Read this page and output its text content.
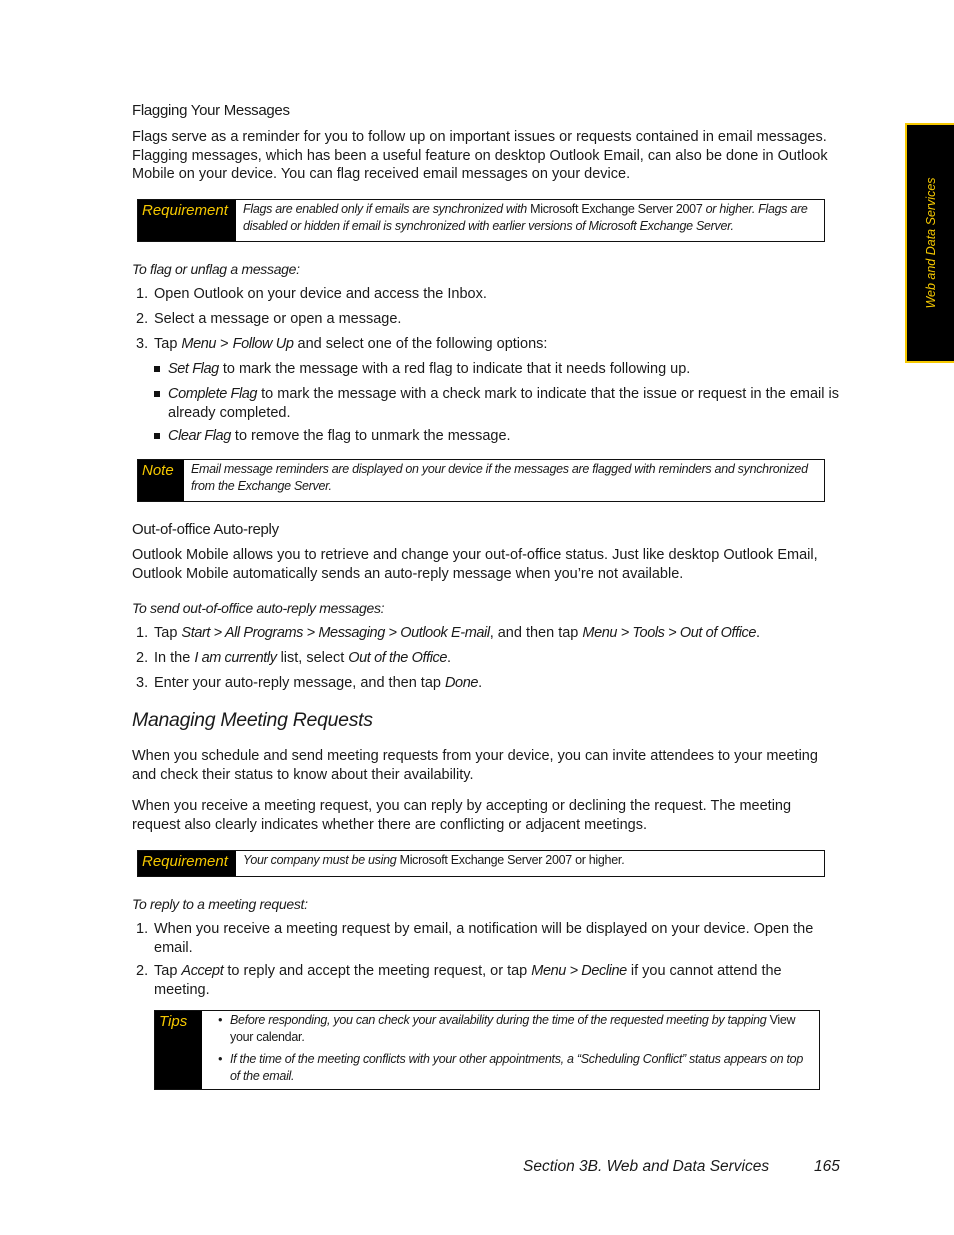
Web and Data Services
Flagging Your Messages
Flags serve as a reminder for you to follow up on important issues or requests contained in email messages. Flagging messages, which has been a useful feature on desktop Outlook Email, can also be done in Outlook Mobile on your device. You can flag received email messages on your device.
Requirement	Flags are enabled only if emails are synchronized with Microsoft Exchange Server 2007 or higher. Flags are disabled or hidden if email is synchronized with earlier versions of Microsoft Exchange Server.
To flag or unflag a message:
1. Open Outlook on your device and access the Inbox.
2. Select a message or open a message.
3. Tap Menu > Follow Up and select one of the following options:
Set Flag to mark the message with a red flag to indicate that it needs following up.
Complete Flag to mark the message with a check mark to indicate that the issue or request in the email is already completed.
Clear Flag to remove the flag to unmark the message.
Note	Email message reminders are displayed on your device if the messages are flagged with reminders and synchronized from the Exchange Server.
Out-of-office Auto-reply
Outlook Mobile allows you to retrieve and change your out-of-office status. Just like desktop Outlook Email, Outlook Mobile automatically sends an auto-reply message when you’re not available.
To send out-of-office auto-reply messages:
1. Tap Start > All Programs > Messaging > Outlook E-mail, and then tap Menu > Tools > Out of Office.
2. In the I am currently list, select Out of the Office.
3. Enter your auto-reply message, and then tap Done.
Managing Meeting Requests
When you schedule and send meeting requests from your device, you can invite attendees to your meeting and check their status to know about their availability.
When you receive a meeting request, you can reply by accepting or declining the request. The meeting request also clearly indicates whether there are conflicting or adjacent meetings.
Requirement	Your company must be using Microsoft Exchange Server 2007 or higher.
To reply to a meeting request:
1. When you receive a meeting request by email, a notification will be displayed on your device. Open the email.
2. Tap Accept to reply and accept the meeting request, or tap Menu > Decline if you cannot attend the meeting.
Tips	• Before responding, you can check your availability during the time of the requested meeting by tapping View your calendar.
• If the time of the meeting conflicts with your other appointments, a “Scheduling Conflict” status appears on top of the email.
Section 3B. Web and Data Services	165
